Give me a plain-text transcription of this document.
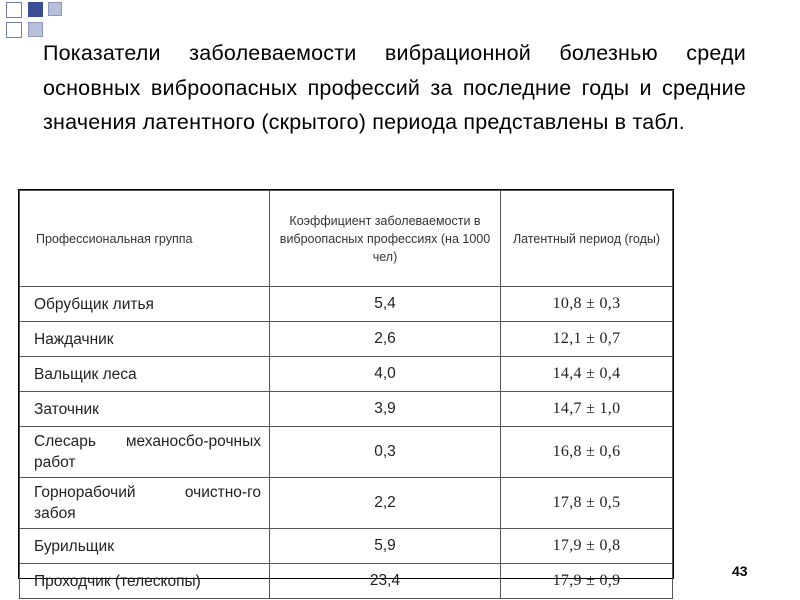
Показатели заболеваемости вибрационной болезнью среди основных виброопасных профессий за последние годы и средние значения латентного (скрытого) периода представлены в табл.
Профессиональная группа	Коэффициент заболеваемости в виброопасных профессиях (на 1000 чел)	Латентный период (годы)
Обрубщик литья	5,4	10,8 ± 0,3
Наждачник	2,6	12,1 ± 0,7
Вальщик леса	4,0	14,4 ± 0,4
Заточник	3,9	14,7 ± 1,0
Слесарь механосбо-рочных работ	0,3	16,8 ± 0,6
Горнорабочий очистно-го забоя	2,2	17,8 ± 0,5
Бурильщик	5,9	17,9 ± 0,8
Проходчик (телескопы)	23,4	17,9 ± 0,9
43
